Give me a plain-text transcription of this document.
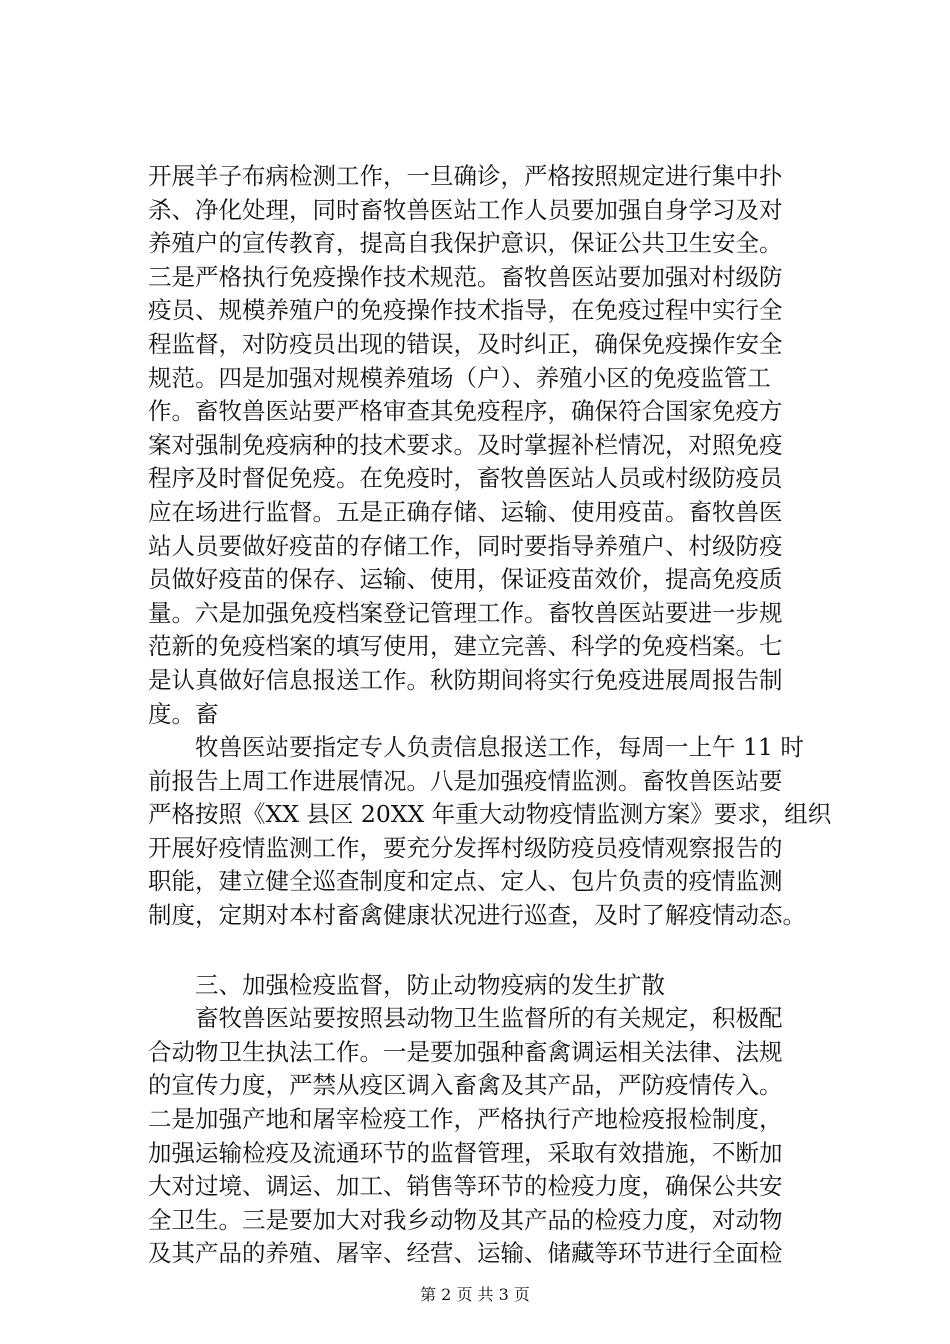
开展羊子布病检测工作，一旦确诊，严格按照规定进行集中扑
杀、净化处理，同时畜牧兽医站工作人员要加强自身学习及对
养殖户的宣传教育，提高自我保护意识，保证公共卫生安全。
三是严格执行免疫操作技术规范。畜牧兽医站要加强对村级防
疫员、规模养殖户的免疫操作技术指导，在免疫过程中实行全
程监督，对防疫员出现的错误，及时纠正，确保免疫操作安全
规范。四是加强对规模养殖场（户）、养殖小区的免疫监管工
作。畜牧兽医站要严格审查其免疫程序，确保符合国家免疫方
案对强制免疫病种的技术要求。及时掌握补栏情况，对照免疫
程序及时督促免疫。在免疫时，畜牧兽医站人员或村级防疫员
应在场进行监督。五是正确存储、运输、使用疫苗。畜牧兽医
站人员要做好疫苗的存储工作，同时要指导养殖户、村级防疫
员做好疫苗的保存、运输、使用，保证疫苗效价，提高免疫质
量。六是加强免疫档案登记管理工作。畜牧兽医站要进一步规
范新的免疫档案的填写使用，建立完善、科学的免疫档案。七
是认真做好信息报送工作。秋防期间将实行免疫进展周报告制
度。畜
牧兽医站要指定专人负责信息报送工作，每周一上午 11 时
前报告上周工作进展情况。八是加强疫情监测。畜牧兽医站要
严格按照《XX 县区 20XX 年重大动物疫情监测方案》要求，组织
开展好疫情监测工作，要充分发挥村级防疫员疫情观察报告的
职能，建立健全巡查制度和定点、定人、包片负责的疫情监测
制度，定期对本村畜禽健康状况进行巡查，及时了解疫情动态。
三、加强检疫监督，防止动物疫病的发生扩散
畜牧兽医站要按照县动物卫生监督所的有关规定，积极配
合动物卫生执法工作。一是要加强种畜禽调运相关法律、法规
的宣传力度，严禁从疫区调入畜禽及其产品，严防疫情传入。
二是加强产地和屠宰检疫工作，严格执行产地检疫报检制度，
加强运输检疫及流通环节的监督管理，采取有效措施，不断加
大对过境、调运、加工、销售等环节的检疫力度，确保公共安
全卫生。三是要加大对我乡动物及其产品的检疫力度，对动物
及其产品的养殖、屠宰、经营、运输、储藏等环节进行全面检
第 2 页 共 3 页
